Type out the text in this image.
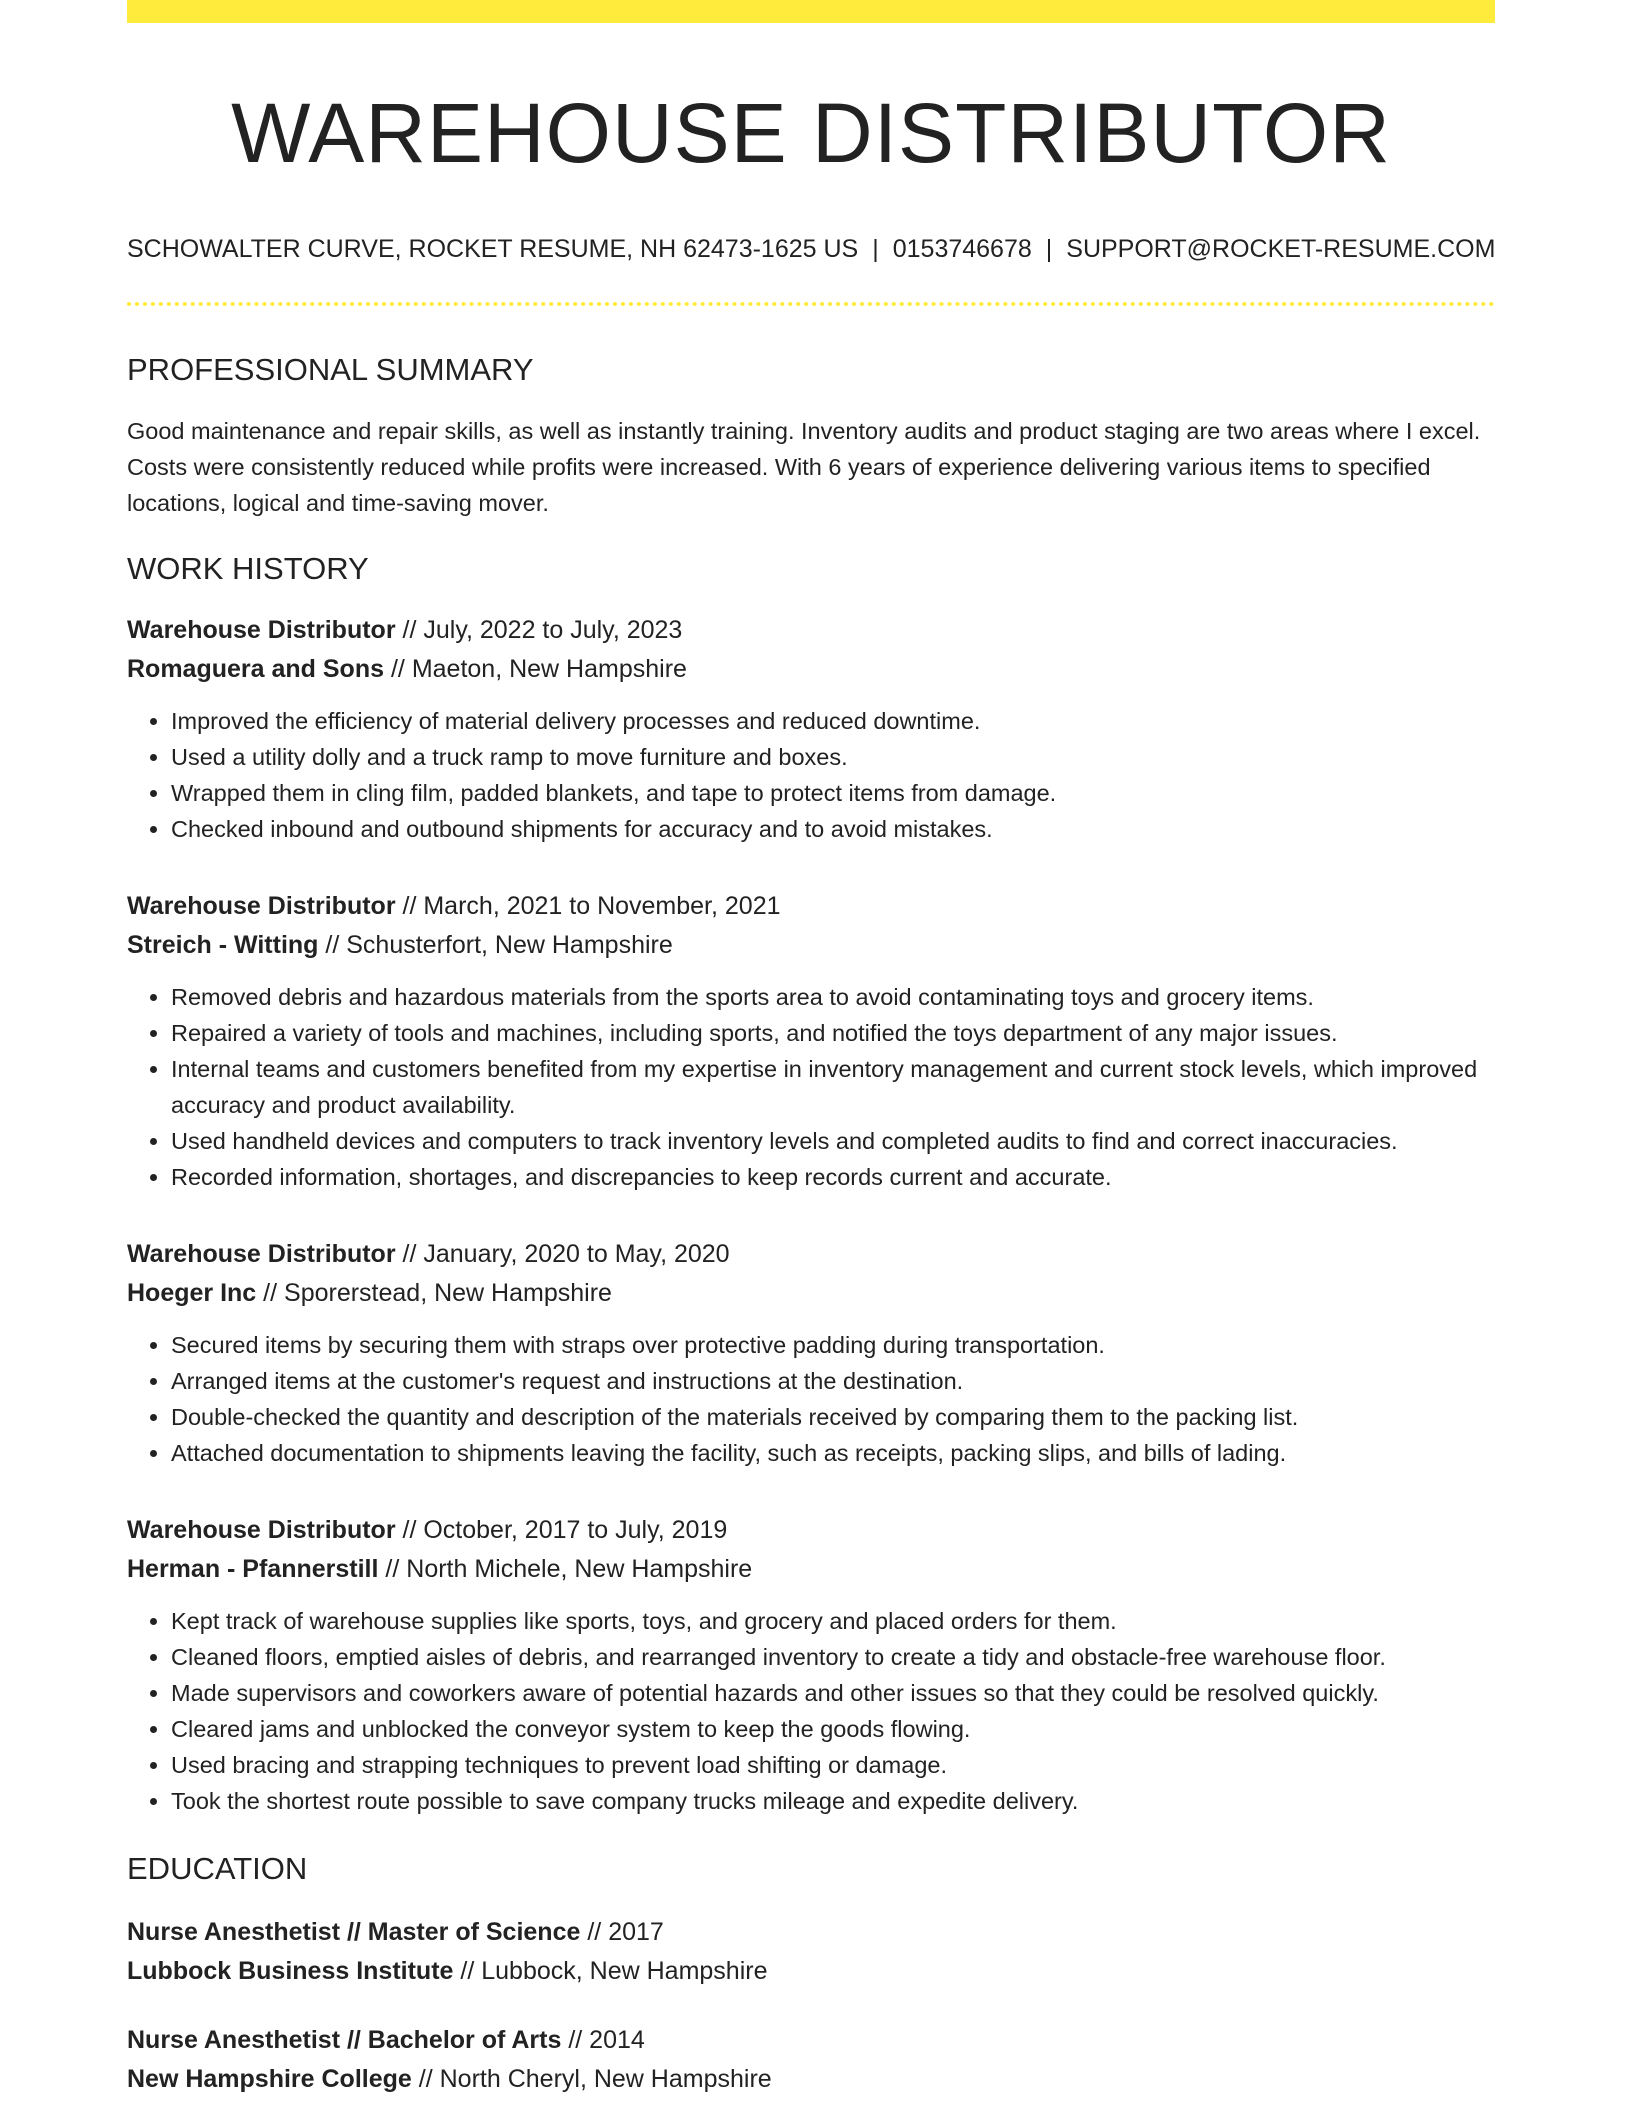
WAREHOUSE DISTRIBUTOR
SCHOWALTER CURVE, ROCKET RESUME, NH 62473-1625 US | 0153746678 | SUPPORT@ROCKET-RESUME.COM
PROFESSIONAL SUMMARY
Good maintenance and repair skills, as well as instantly training. Inventory audits and product staging are two areas where I excel. Costs were consistently reduced while profits were increased. With 6 years of experience delivering various items to specified locations, logical and time-saving mover.
WORK HISTORY
Warehouse Distributor // July, 2022 to July, 2023
Romaguera and Sons // Maeton, New Hampshire
• Improved the efficiency of material delivery processes and reduced downtime.
• Used a utility dolly and a truck ramp to move furniture and boxes.
• Wrapped them in cling film, padded blankets, and tape to protect items from damage.
• Checked inbound and outbound shipments for accuracy and to avoid mistakes.
Warehouse Distributor // March, 2021 to November, 2021
Streich - Witting // Schusterfort, New Hampshire
• Removed debris and hazardous materials from the sports area to avoid contaminating toys and grocery items.
• Repaired a variety of tools and machines, including sports, and notified the toys department of any major issues.
• Internal teams and customers benefited from my expertise in inventory management and current stock levels, which improved accuracy and product availability.
• Used handheld devices and computers to track inventory levels and completed audits to find and correct inaccuracies.
• Recorded information, shortages, and discrepancies to keep records current and accurate.
Warehouse Distributor // January, 2020 to May, 2020
Hoeger Inc // Sporerstead, New Hampshire
• Secured items by securing them with straps over protective padding during transportation.
• Arranged items at the customer's request and instructions at the destination.
• Double-checked the quantity and description of the materials received by comparing them to the packing list.
• Attached documentation to shipments leaving the facility, such as receipts, packing slips, and bills of lading.
Warehouse Distributor // October, 2017 to July, 2019
Herman - Pfannerstill // North Michele, New Hampshire
• Kept track of warehouse supplies like sports, toys, and grocery and placed orders for them.
• Cleaned floors, emptied aisles of debris, and rearranged inventory to create a tidy and obstacle-free warehouse floor.
• Made supervisors and coworkers aware of potential hazards and other issues so that they could be resolved quickly.
• Cleared jams and unblocked the conveyor system to keep the goods flowing.
• Used bracing and strapping techniques to prevent load shifting or damage.
• Took the shortest route possible to save company trucks mileage and expedite delivery.
EDUCATION
Nurse Anesthetist // Master of Science // 2017
Lubbock Business Institute // Lubbock, New Hampshire
Nurse Anesthetist // Bachelor of Arts // 2014
New Hampshire College // North Cheryl, New Hampshire
